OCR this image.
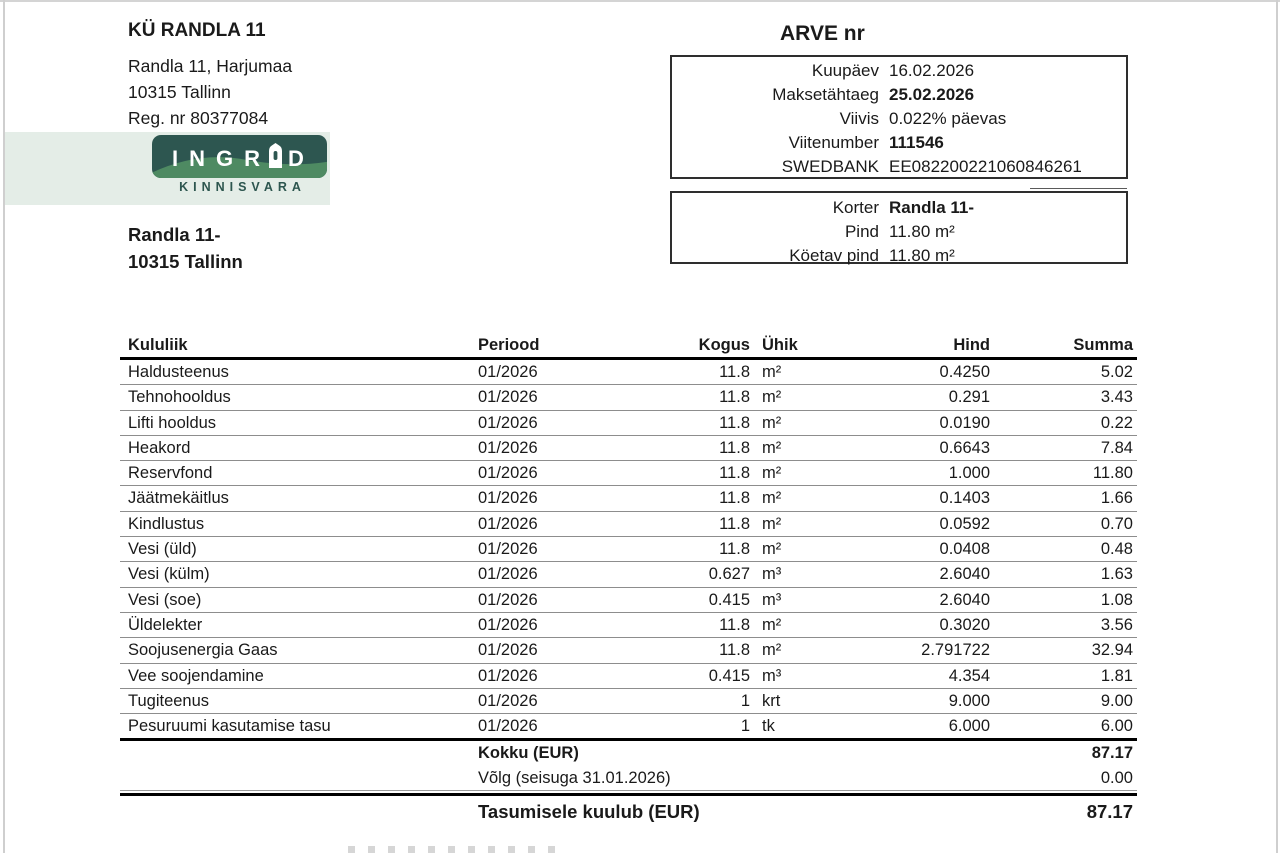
KÜ RANDLA 11
Randla 11, Harjumaa
10315 Tallinn
Reg. nr 80377084
INGR D
KINNISVARA
Randla 11-
10315 Tallinn
ARVE nr
Kuupäev 16.02.2026
Maksetähtaeg 25.02.2026
Viivis 0.022% päevas
Viitenumber 111546
SWEDBANK EE082200221060846261
Korter Randla 11-
Pind 11.80 m²
Köetav pind 11.80 m²
Kululiik	Periood	Kogus Ühik	Hind	Summa
Haldusteenus	01/2026	11.8 m²	0.4250	5.02
Tehnohooldus	01/2026	11.8 m²	0.291	3.43
Lifti hooldus	01/2026	11.8 m²	0.0190	0.22
Heakord	01/2026	11.8 m²	0.6643	7.84
Reservfond	01/2026	11.8 m²	1.000	11.80
Jäätmekäitlus	01/2026	11.8 m²	0.1403	1.66
Kindlustus	01/2026	11.8 m²	0.0592	0.70
Vesi (üld)	01/2026	11.8 m²	0.0408	0.48
Vesi (külm)	01/2026	0.627 m³	2.6040	1.63
Vesi (soe)	01/2026	0.415 m³	2.6040	1.08
Üldelekter	01/2026	11.8 m²	0.3020	3.56
Soojusenergia Gaas	01/2026	11.8 m²	2.791722	32.94
Vee soojendamine	01/2026	0.415 m³	4.354	1.81
Tugiteenus	01/2026	1 krt	9.000	9.00
Pesuruumi kasutamise tasu	01/2026	1 tk	6.000	6.00
Kokku (EUR)	87.17
Võlg (seisuga 31.01.2026)	0.00
Tasumisele kuulub (EUR)	87.17
